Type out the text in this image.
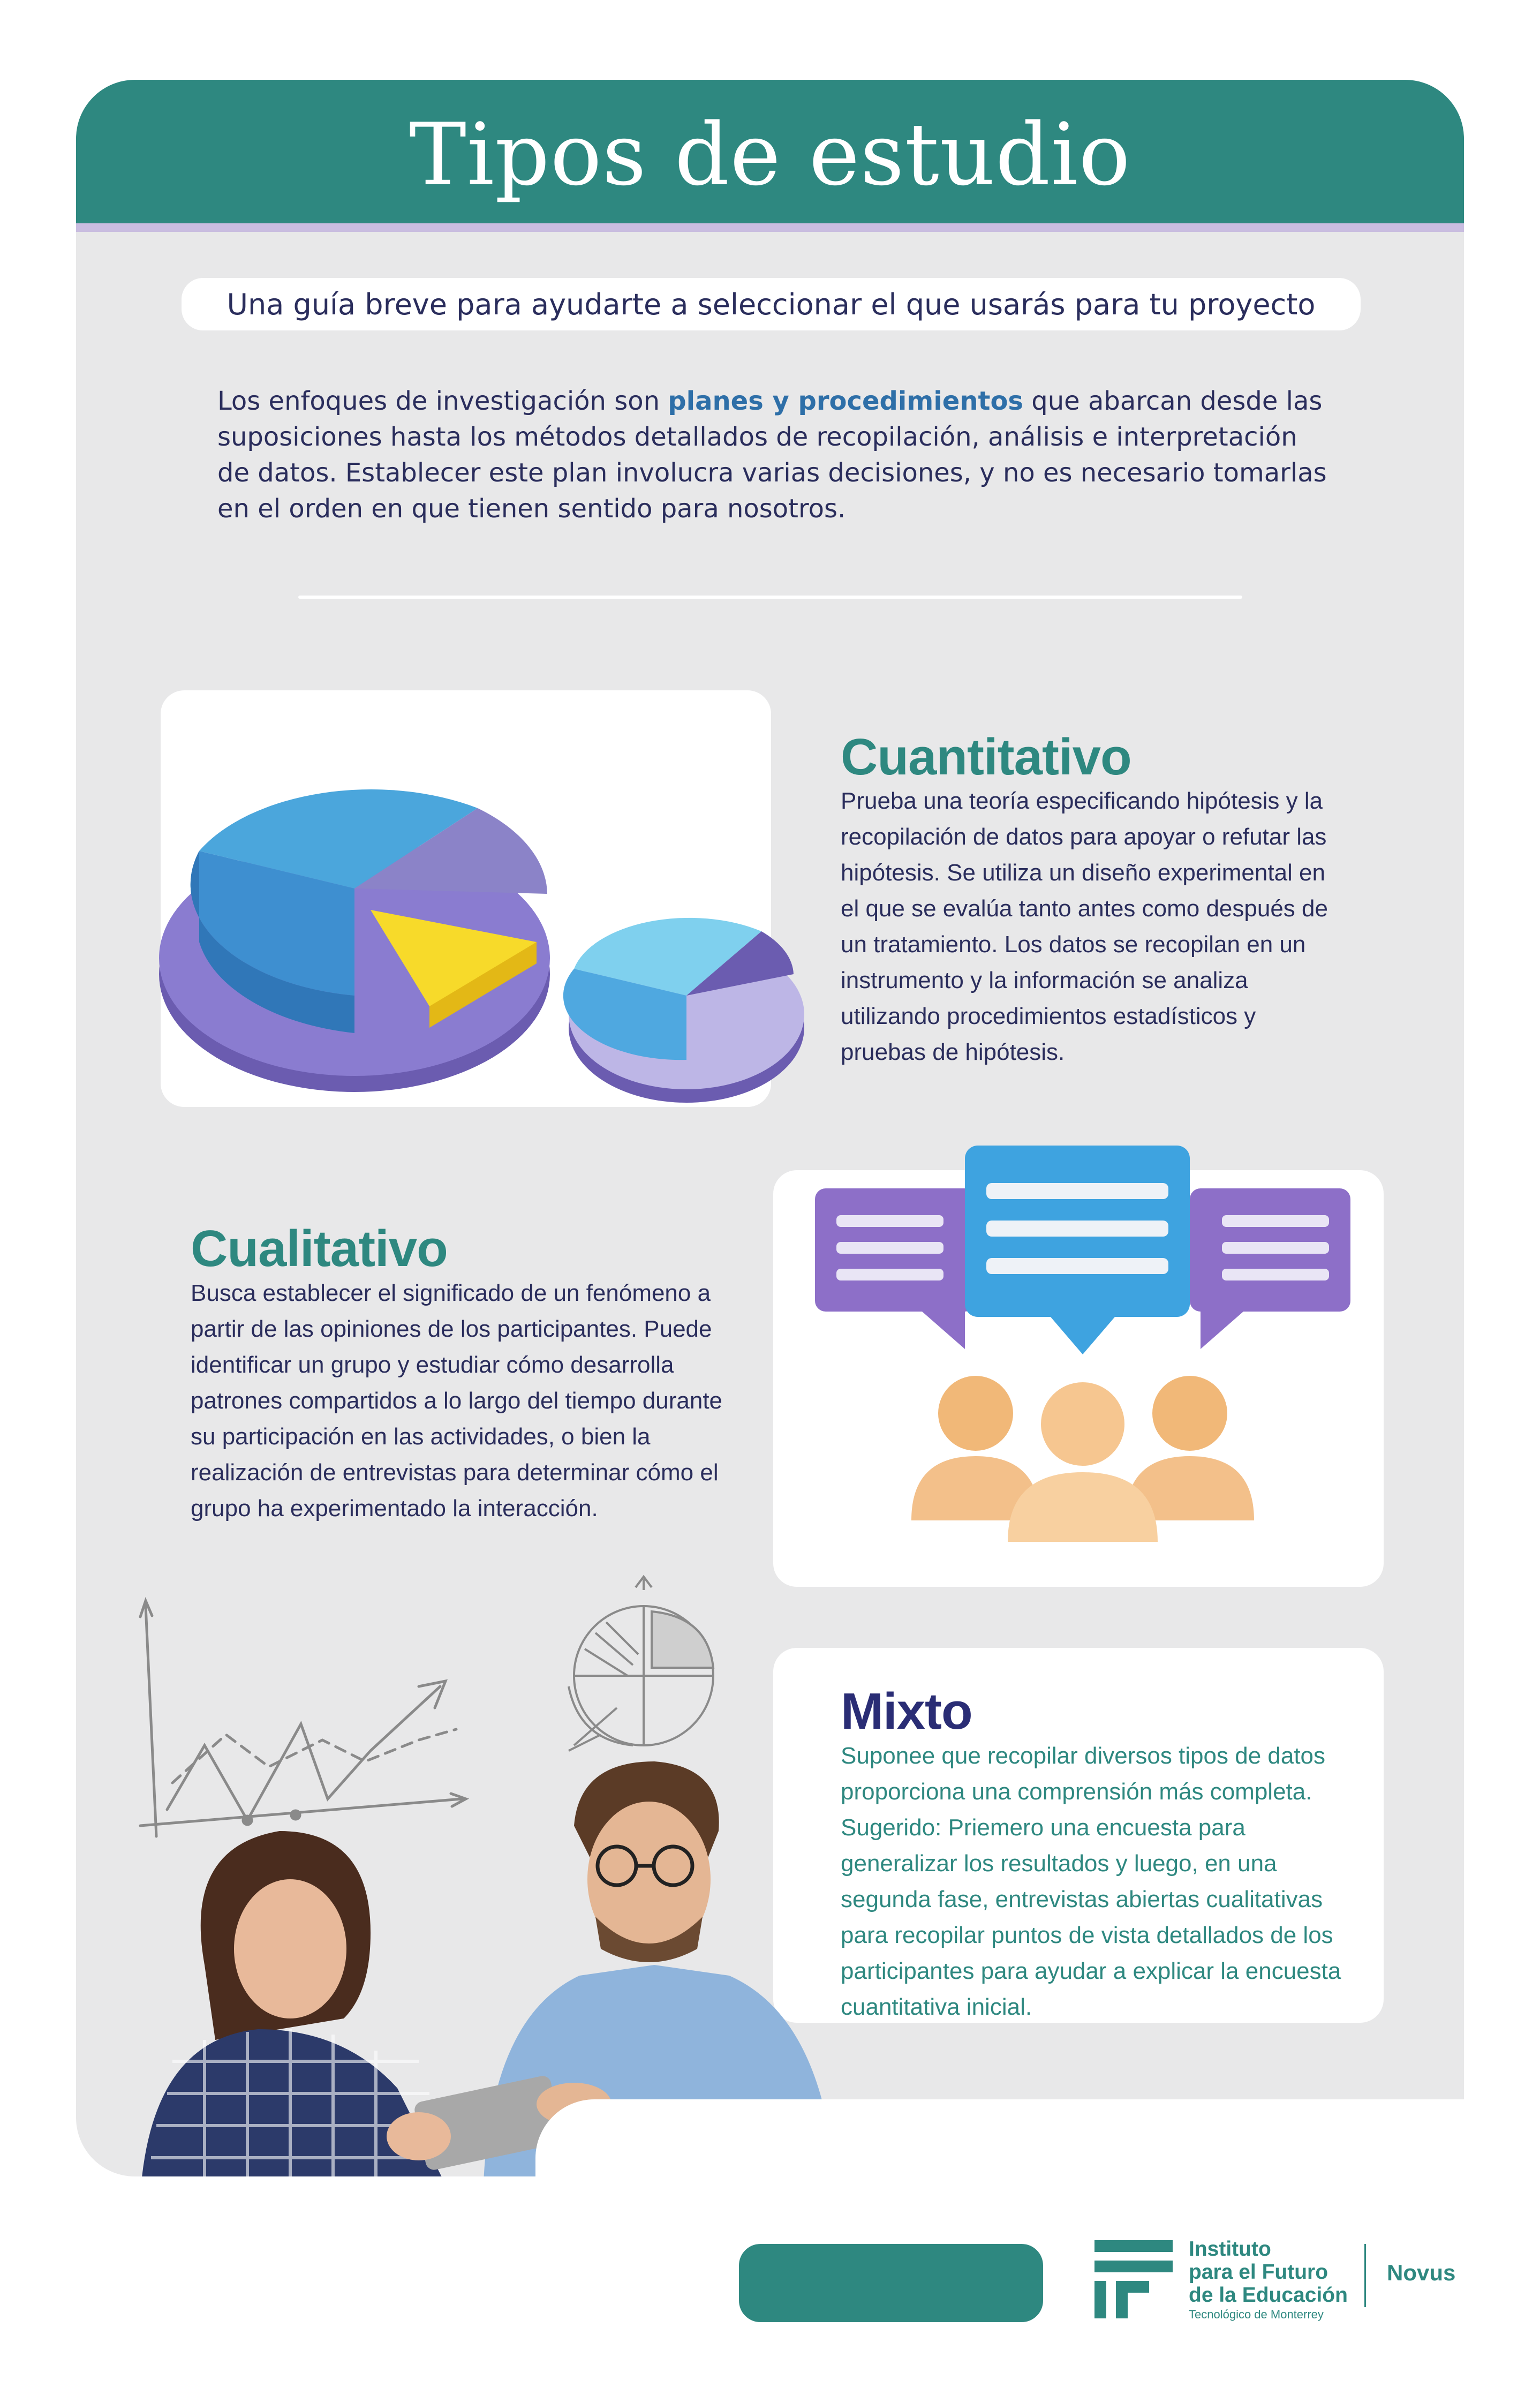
Tipos de estudio
Una guía breve para ayudarte a seleccionar el que usarás para tu proyecto
Los enfoques de investigación son planes y procedimientos que abarcan desde las suposiciones hasta los métodos detallados de recopilación, análisis e interpretación de datos. Establecer este plan involucra varias decisiones, y no es necesario tomarlas en el orden en que tienen sentido para nosotros.
Cuantitativo
Prueba una teoría especificando hipótesis y la recopilación de datos para apoyar o refutar las hipótesis. Se utiliza un diseño experimental en el que se evalúa tanto antes como después de un tratamiento. Los datos se recopilan en un instrumento y la información se analiza utilizando procedimientos estadísticos y pruebas de hipótesis.
Cualitativo
Busca establecer el significado de un fenómeno a partir de las opiniones de los participantes. Puede identificar un grupo y estudiar cómo desarrolla patrones compartidos a lo largo del tiempo durante su participación en las actividades, o bien la realización de entrevistas para determinar cómo el grupo ha experimentado la interacción.
Mixto
Suponee que recopilar diversos tipos de datos proporciona una comprensión más completa. Sugerido: Priemero una encuesta para generalizar los resultados y luego, en una segunda fase, entrevistas abiertas cualitativas para recopilar puntos de vista detallados de los participantes para ayudar a explicar la encuesta cuantitativa inicial.
Instituto
para el Futuro
de la Educación
Tecnológico de Monterrey
Novus
